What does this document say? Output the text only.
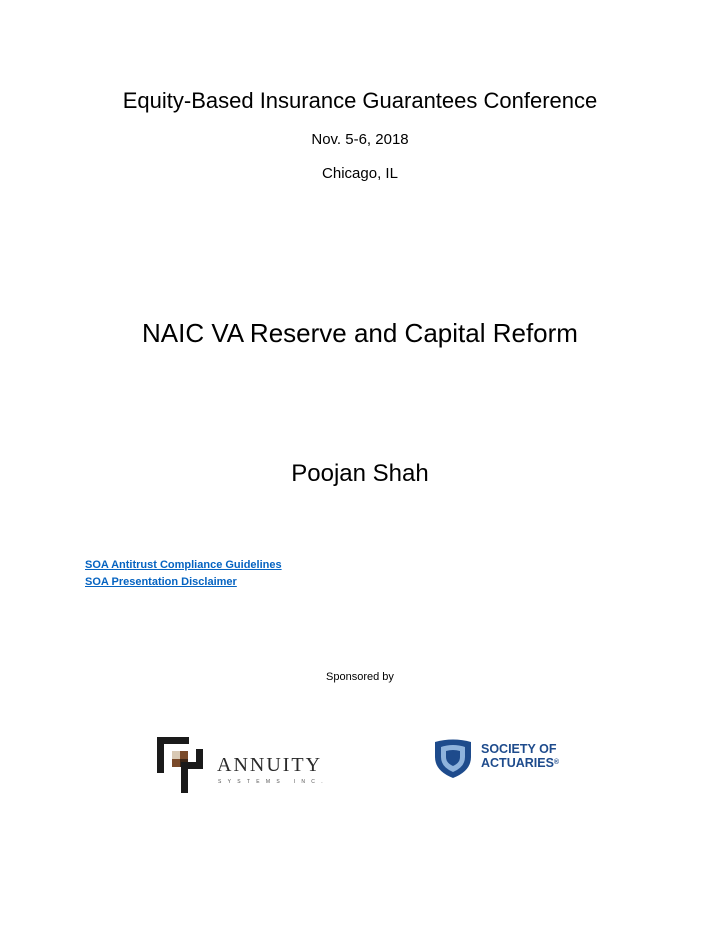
Equity-Based Insurance Guarantees Conference
Nov. 5-6, 2018
Chicago, IL
NAIC VA Reserve and Capital Reform
Poojan Shah
SOA Antitrust Compliance Guidelines
SOA Presentation Disclaimer
Sponsored by
ANNUITY
SYSTEMS INC.
SOCIETY OF
ACTUARIES®
